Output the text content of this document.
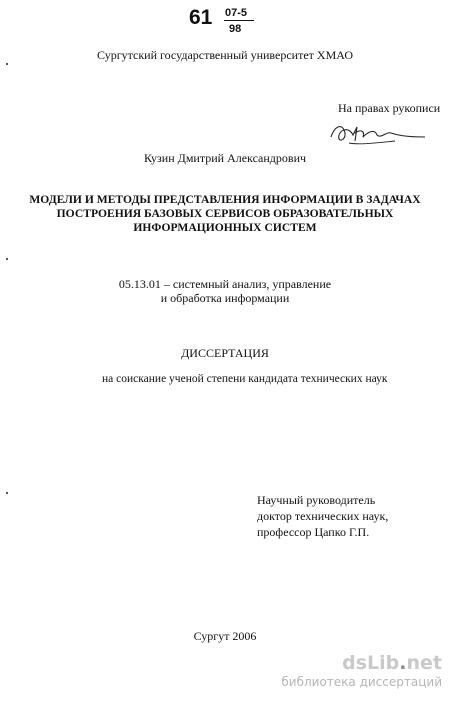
61 07-5
98
Сургутский государственный университет ХМАО
На правах рукописи
Кузин Дмитрий Александрович
МОДЕЛИ И МЕТОДЫ ПРЕДСТАВЛЕНИЯ ИНФОРМАЦИИ В ЗАДАЧАХ
ПОСТРОЕНИЯ БАЗОВЫХ СЕРВИСОВ ОБРАЗОВАТЕЛЬНЫХ
ИНФОРМАЦИОННЫХ СИСТЕМ
05.13.01 – системный анализ, управление
и обработка информации
ДИССЕРТАЦИЯ
на соискание ученой степени кандидата технических наук
Научный руководитель
доктор технических наук,
профессор Цапко Г.П.
Сургут 2006
dsLib.net
библиотека диссертаций
